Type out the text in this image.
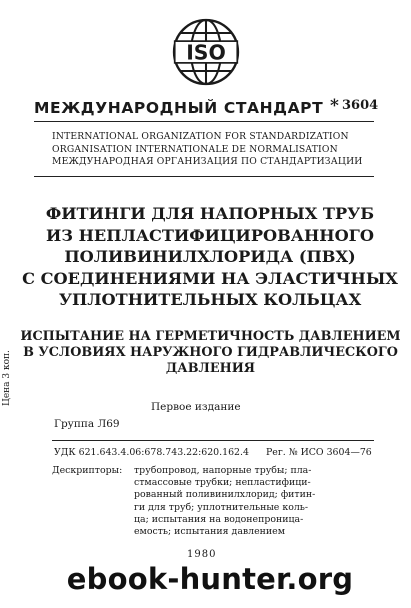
ISO
МЕЖДУНАРОДНЫЙ СТАНДАРТ * 3604
INTERNATIONAL ORGANIZATION FOR STANDARDIZATION
ORGANISATION INTERNATIONALE DE NORMALISATION
МЕЖДУНАРОДНАЯ ОРГАНИЗАЦИЯ ПО СТАНДАРТИЗАЦИИ
ФИТИНГИ ДЛЯ НАПОРНЫХ ТРУБ
ИЗ НЕПЛАСТИФИЦИРОВАННОГО
ПОЛИВИНИЛХЛОРИДА (ПВХ)
С СОЕДИНЕНИЯМИ НА ЭЛАСТИЧНЫХ
УПЛОТНИТЕЛЬНЫХ КОЛЬЦАХ
ИСПЫТАНИЕ НА ГЕРМЕТИЧНОСТЬ ДАВЛЕНИЕМ
В УСЛОВИЯХ НАРУЖНОГО ГИДРАВЛИЧЕСКОГО
ДАВЛЕНИЯ
Цена 3 коп.
Первое издание
Группа Л69
УДК 621.643.4.06:678.743.22:620.162.4 Рег. № ИСО 3604—76
Дескрипторы: трубопровод, напорные трубы; пла-
стмассовые трубки; непластифици-
рованный поливинилхлорид; фитин-
ги для труб; уплотнительные коль-
ца; испытания на водонепроница-
емость; испытания давлением
1980
ebook-hunter.org
